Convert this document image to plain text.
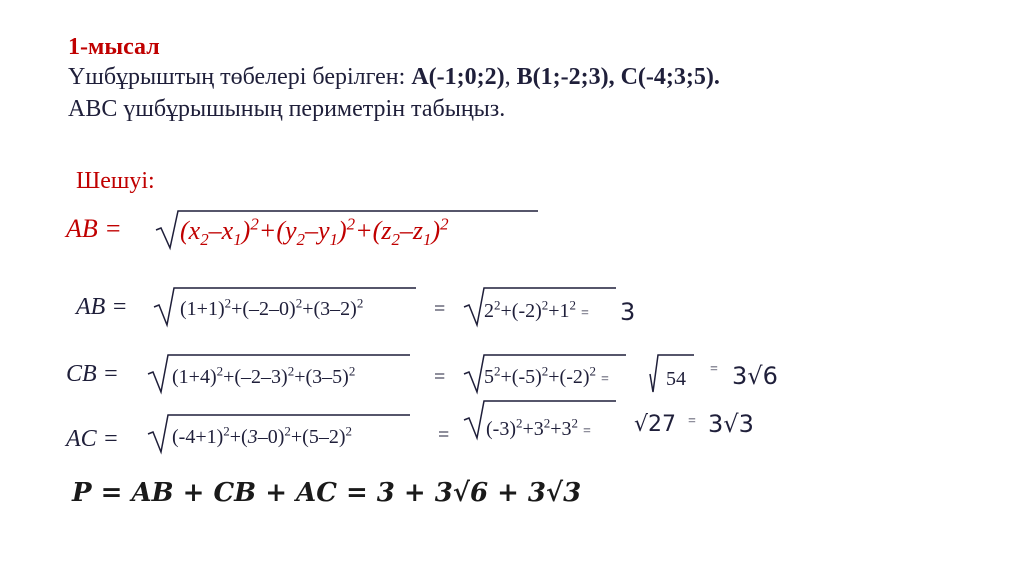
1-мысал
Үшбұрыштың төбелері берілген: A(-1;0;2), B(1;-2;3), C(-4;3;5).
ABC үшбұрышының периметрін табыңыз.
Шешуі:
AB = $(x_2-x_1)^2+(y_2-y_1)^2+(z_2-z_1)^2$
AB =	$(1+1)^2+(-2-0)^2+(3-2)^2$	= $2^2+(-2)^2+1^2 = 3$
CB =	$(1+4)^2+(-2-3)^2+(3-5)^2$	= $5^2+(-5)^2+(-2)^2$ =	54 = 3√6
AC =	$(-4+1)^2+(3-0)^2+(5-2)^2$	= $(-3)^2+3^2+3^2 = √27 = 3√3$
P = AB + CB + AC = 3 + 3√6 + 3√3
